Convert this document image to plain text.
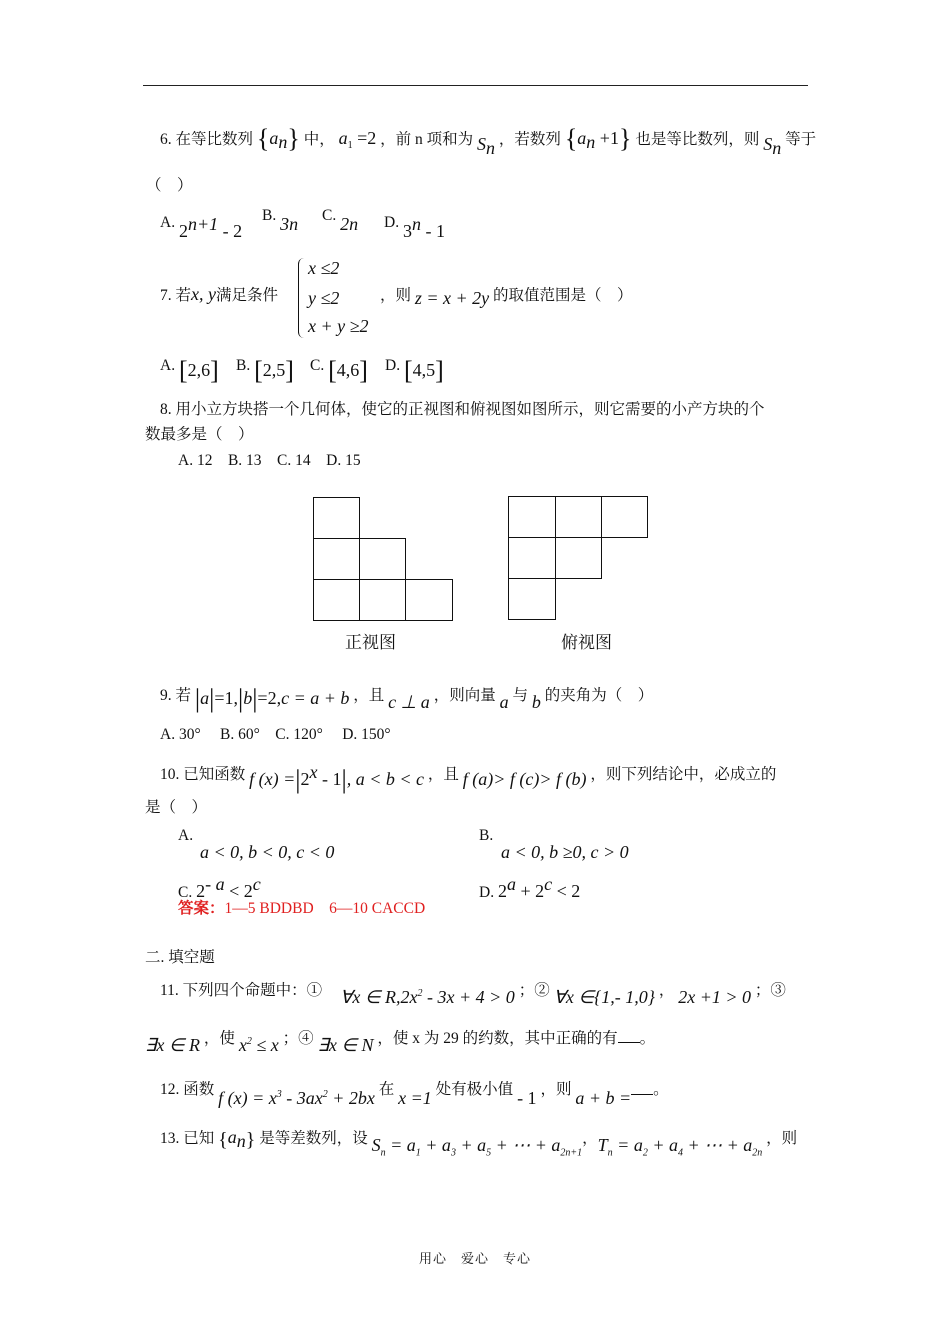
6. 在等比数列 $\{a_n\}$ 中， $a_1 =2$ ，前 n 项和为 $S_n$ ，若数列 $\{a_n +1\}$ 也是等比数列，则 $S_n$ 等于
（　）
A. $2^{n+1} - 2$
B. 3n C. 2n D. 3$^n$ - 1
7. 若x, y满足条件
x ≤2
y ≤2
x + y ≥2
，则 z = x + 2y 的取值范围是（　）
A. [2,6] B. [2,5] C. [4,6] D. [4,5]
8. 用小立方块搭一个几何体，使它的正视图和俯视图如图所示，则它需要的小产方块的个
数最多是（　）
A. 12　B. 13　C. 14　D. 15
正视图	俯视图
9. 若 |a|=1,|b|=2,c = a + b ，且 c ⊥ a ，则向量 a 与 b 的夹角为（　）
A. 30°　 B. 60°　C. 120°　 D. 150°
10. 已知函数 f $(x) =|2^x - 1|$, a < b < c ，且 f (a)> f (c)> f (b) ，则下列结论中，必成立的
是（　）
A.
a < 0, b < 0, c < 0
B.
a < 0, b ≥0, c > 0
C. $2^{- a} < 2^c$	D. $2^a + 2^c < 2$
答案：1—5 BDDBD　6—10 CACCD
二. 填空题
11. 下列四个命题中：① ∀x ∈ $R,2x^2 - 3x + 4 > 0$ ；② ∀x ∈{1,- 1,0} ， 2x +1 > 0 ；③
∃x ∈ R ，使 $x^2 \le x$ ；④ ∃x ∈ N ，使 x 为 29 的约数，其中正确的有 。
12. 函数 f $(x) = x^3 - 3ax^2 + 2bx$ 在 x =1 处有极小值 - 1 ，则 a + b = 。
13. 已知 $\{a_n\}$ 是等差数列，设 $S_n = a_1 + a_3 + a_5$ + ⋯ + $a_{2n+1}$，$T_n = a_2 + a_4$ + ⋯ + $a_{2n}$ ，则
用心　爱心　专心
